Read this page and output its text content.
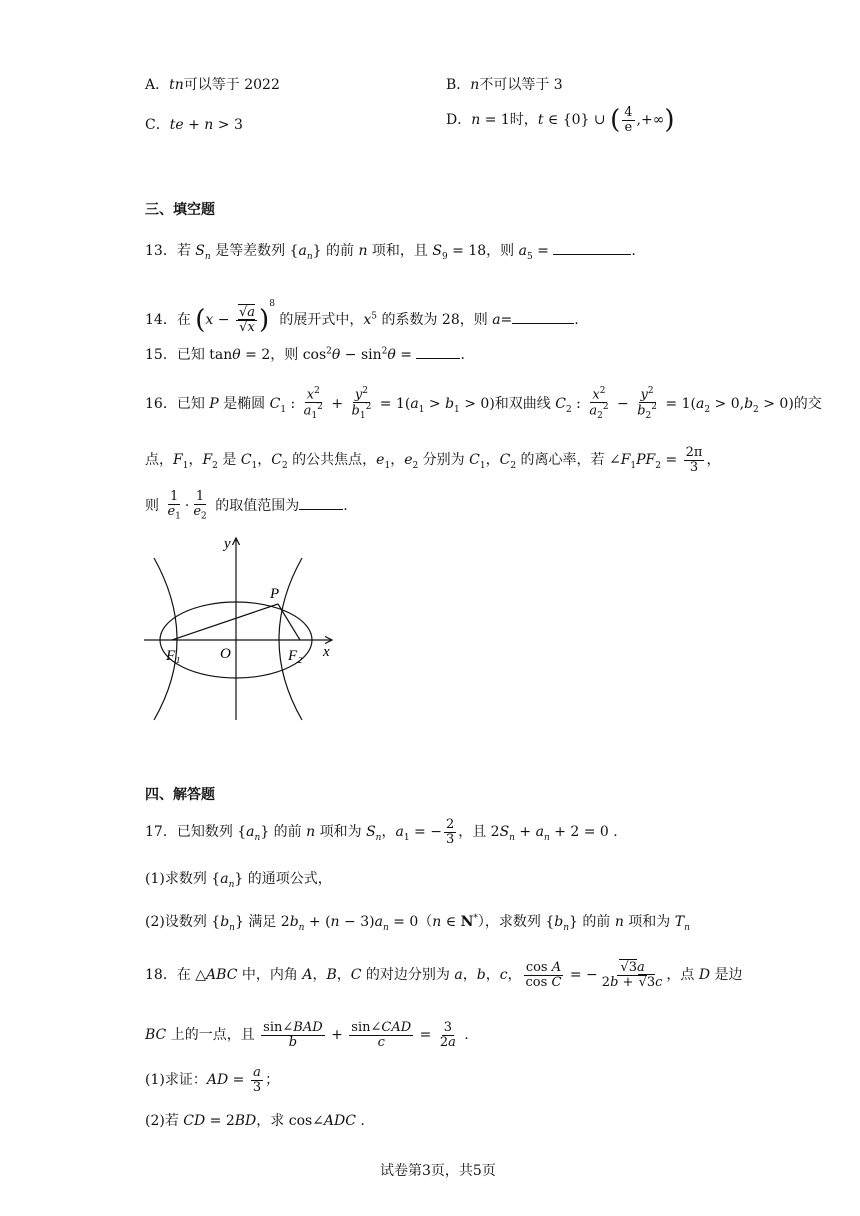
A．tn可以等于 2022	B．n不可以等于 3
C．te + n > 3	D．n = 1时，t ∈ {0} ∪ ( $\frac{4}{e}$ ,+∞)
三、填空题
13．若 $S_n$ 是等差数列 $\{a_n\}$ 的前 n 项和，且 $S_9 = 18$，则 $a_5$ =	.
14．在 $(x - \frac{√a}{√x} )^8$ 的展开式中，$x^5$ 的系数为 28，则 a=	.
15．已知 tanθ = 2，则 $\cos^2\theta - \sin^2\theta$ =	.
16．已知 P 是椭圆 $C_1$ : $\frac{x^2}{a_1^2} + \frac{y^2}{b_1^2} = 1(a_1 > b_1 > 0)$和双曲线 $C_2$ : $\frac{x^2}{a_2^2} - \frac{y^2}{b_2^2} = 1(a_2 > 0,b_2 > 0)$的交
点，$F_1$，$F_2$ 是 $C_1$，$C_2$ 的公共焦点，$e_1$，$e_2$ 分别为 $C_1$，$C_2$ 的离心率，若 $\angle F_1PF_2 = \frac{2\pi}{3}$ ，
则 $\frac{1}{e_1} \cdot \frac{1}{e_2}$ 的取值范围为	.
y
x
P
O
F₁	F₂
四、解答题
17．已知数列 $\{a_n\}$ 的前 n 项和为 $S_n$，$a_1$ = − $\frac{2}{3}$ ，且 $2S_n + a_n + 2 = 0$ .
(1)求数列 $\{a_n\}$ 的通项公式，
(2)设数列 $\{b_n\}$ 满足 $2b_n + (n - 3)a_n = 0(n$ ∈ N*），求数列 $\{b_n\}$ 的前 n 项和为 $T_n$
18．在 △ABC 中，内角 A，B，C 的对边分别为 a，b，c， $\frac{\text{cos A}}{\text{cos C}}$ = − $\frac{√3a}{2b + √3c}$ ，点 D 是边
BC 上的一点，且 $\frac{\text{sin∠BAD}}{b} + \frac{\text{sin∠CAD}}{c} = \frac{3}{2a}$ .
(1)求证：AD = $\frac{a}{3}$ ；
(2)若 CD = 2BD，求 cos∠ADC .
试卷第3页，共5页
